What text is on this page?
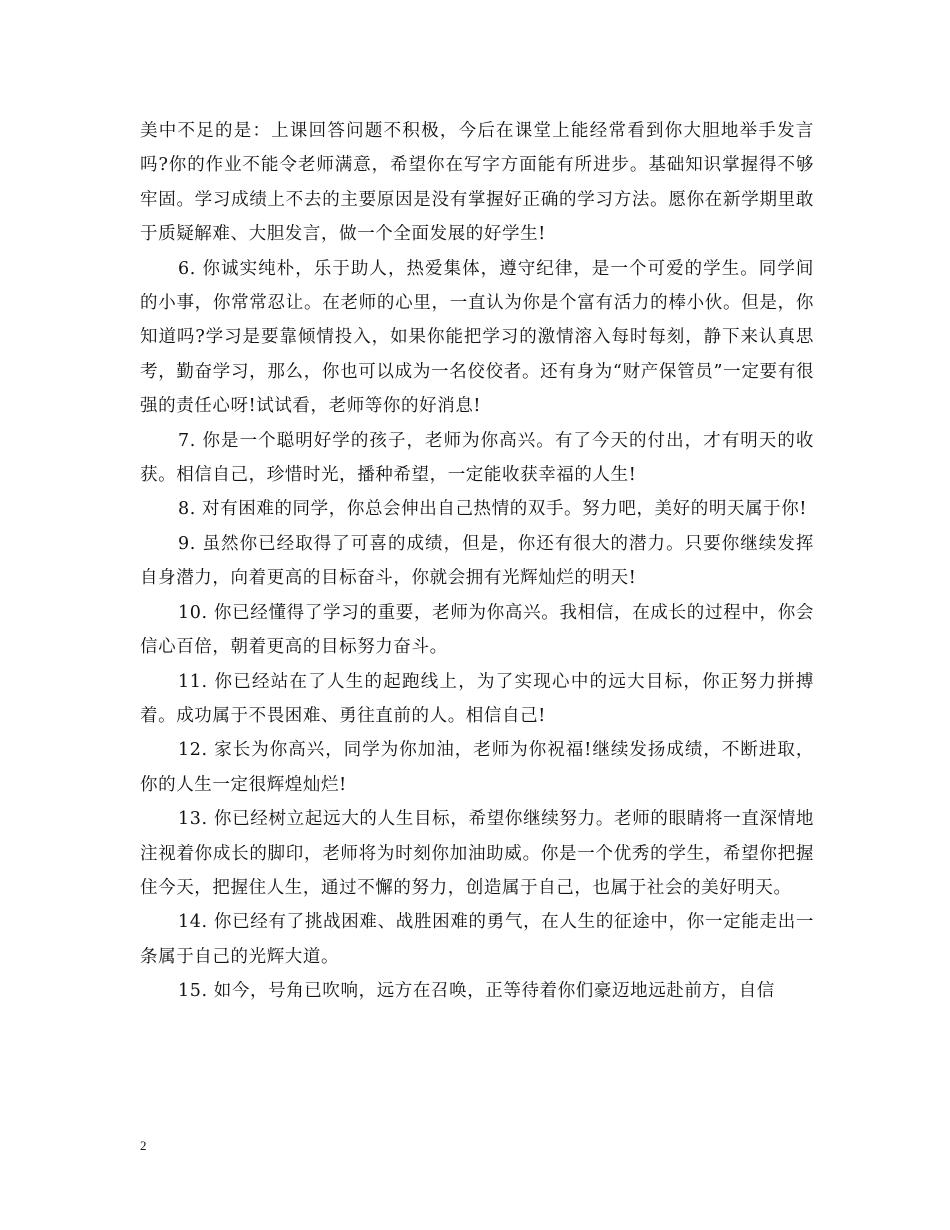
美中不足的是：上课回答问题不积极，今后在课堂上能经常看到你大胆地举手发言吗?你的作业不能令老师满意，希望你在写字方面能有所进步。基础知识掌握得不够牢固。学习成绩上不去的主要原因是没有掌握好正确的学习方法。愿你在新学期里敢于质疑解难、大胆发言，做一个全面发展的好学生!

6. 你诚实纯朴，乐于助人，热爱集体，遵守纪律，是一个可爱的学生。同学间的小事，你常常忍让。在老师的心里，一直认为你是个富有活力的棒小伙。但是，你知道吗?学习是要靠倾情投入，如果你能把学习的激情溶入每时每刻，静下来认真思考，勤奋学习，那么，你也可以成为一名佼佼者。还有身为“财产保管员”一定要有很强的责任心呀!试试看，老师等你的好消息!

7. 你是一个聪明好学的孩子，老师为你高兴。有了今天的付出，才有明天的收获。相信自己，珍惜时光，播种希望，一定能收获幸福的人生!

8. 对有困难的同学，你总会伸出自己热情的双手。努力吧，美好的明天属于你!

9. 虽然你已经取得了可喜的成绩，但是，你还有很大的潜力。只要你继续发挥自身潜力，向着更高的目标奋斗，你就会拥有光辉灿烂的明天!

10. 你已经懂得了学习的重要，老师为你高兴。我相信，在成长的过程中，你会信心百倍，朝着更高的目标努力奋斗。

11. 你已经站在了人生的起跑线上，为了实现心中的远大目标，你正努力拼搏着。成功属于不畏困难、勇往直前的人。相信自己!

12. 家长为你高兴，同学为你加油，老师为你祝福!继续发扬成绩，不断进取，你的人生一定很辉煌灿烂!

13. 你已经树立起远大的人生目标，希望你继续努力。老师的眼睛将一直深情地注视着你成长的脚印，老师将为时刻你加油助威。你是一个优秀的学生，希望你把握住今天，把握住人生，通过不懈的努力，创造属于自己，也属于社会的美好明天。

14. 你已经有了挑战困难、战胜困难的勇气，在人生的征途中，你一定能走出一条属于自己的光辉大道。

15. 如今，号角已吹响，远方在召唤，正等待着你们豪迈地远赴前方，自信

2
